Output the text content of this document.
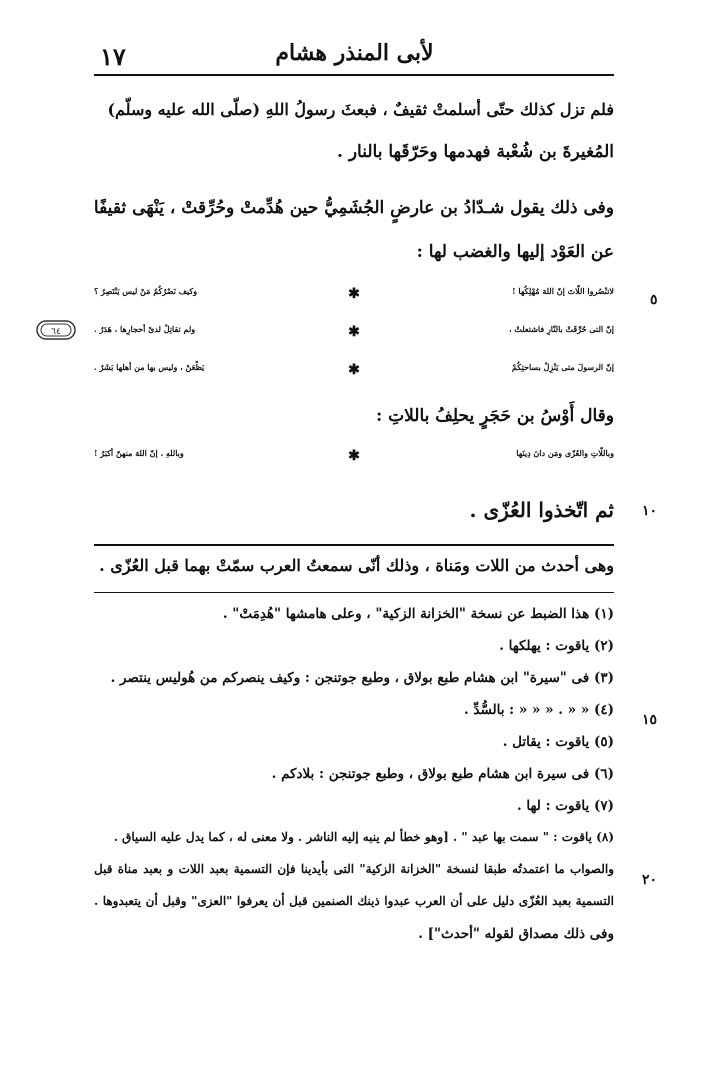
١٧	لأبى المنذر هشام
فلم تزل كذلك حتّى أسلمتْ ثقيفٌ ، فبعثَ رسولُ اللهِ (صلّى الله عليه وسلّم)
المُغيرةَ بن شُعْبة فهدمها وحَرّقَها بالنار .
وفى ذلك يقول شـدّادُ بن عارضٍ الجُشَمِيُّ حين هُدِّمتْ وحُرِّقتْ ، يَنْهَى ثقيفًا
عن العَوْد إليها والغضب لها :
لاتنْصُروا اللّاتَ إنّ اللهَ مُهْلِكُها !
✱
وكيف نَصْرُكُمُ مَنْ ليس يَنْتَصِرُ ؟
إنّ التى حُرِّقَتْ بالنّارِ فاشتعلتْ ،
✱
ولم تقاتِلْ لدىْ أحجارِها ، هَدَرُ .
إنّ الرسولَ متى يَنْزِلْ بساحتِكُمْ
✱
يَظْعَنْ ، وليس بها من أهلها بَشَرُ .
وقال أَوْسُ بن حَجَرٍ يحلِفُ باللاتِ :
وباللّاتِ والعُزّى ومَن دانَ دِينَها
✱
وباللهِ ، إنّ اللهَ منهنّ أكبَرُ !
ثم اتّخذوا العُزّى .
وهى أحدث من اللات ومَناة ، وذلك أنّى سمعتُ العرب سمّتْ بهما قبل العُزّى .
٥
١٠
١٥
٢٠
٦٤
(١) هذا الضبط عن نسخة "الخزانة الزكية" ، وعلى هامشها "هُدِمَتْ" .
(٢) ياقوت : يهلكها .
(٣) فى "سيرة" ابن هشام طبع بولاق ، وطبع جوتنجن : وكيف ينصركم من هُوليس ينتصر .
(٤) « « . « « « : بالسُّدِّ .
(٥) ياقوت : يقاتل .
(٦) فى سيرة ابن هشام طبع بولاق ، وطبع جوتنجن : بلادكم .
(٧) ياقوت : لها .
(٨) ياقوت : " سمت بها عبد " . [وهو خطأ لم ينبه إليه الناشر . ولا معنى له ، كما يدل عليه السياق .
والصواب ما اعتمدتُه طبقا لنسخة "الخزانة الزكية" التى بأيدينا فإن التسمية بعبد اللات و بعبد مناة قبل
التسمية بعبد العُزّى دليل على أن العرب عبدوا ذينك الصنمين قبل أن يعرفوا "العزى" وقبل أن يتعبدوها .
وفى ذلك مصداق لقوله "أحدث"] .
